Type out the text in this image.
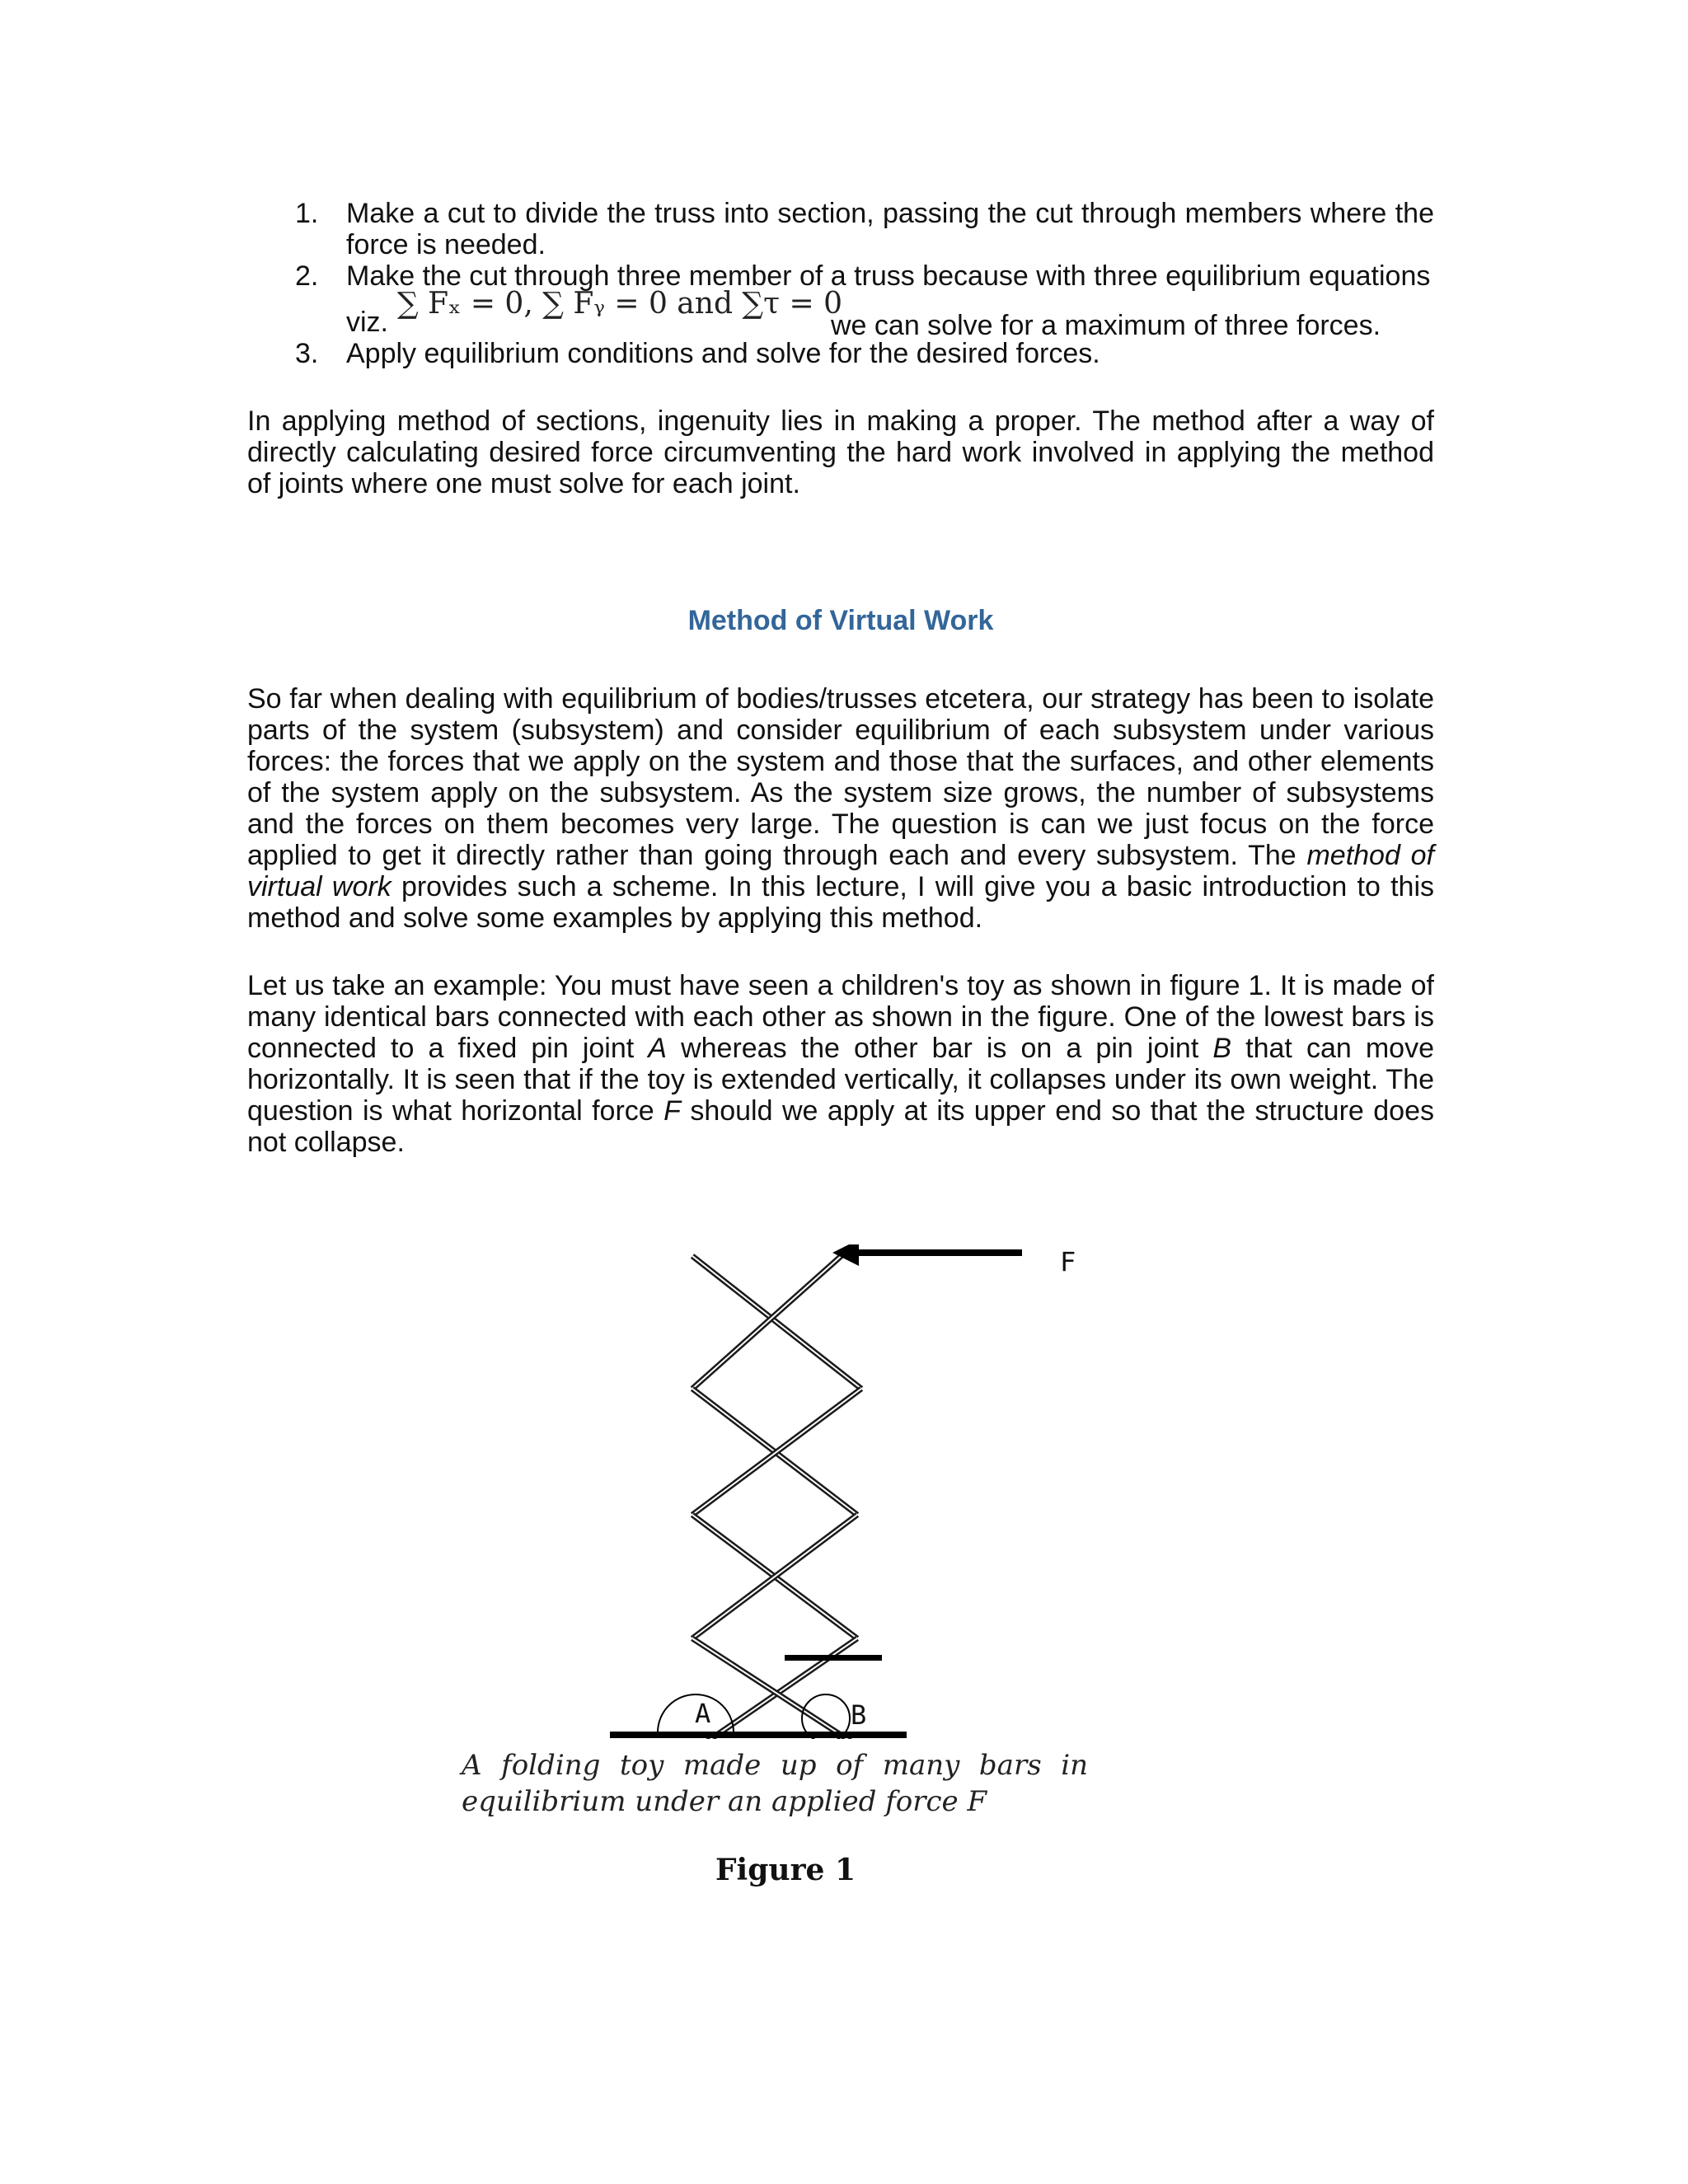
1. Make a cut to divide the truss into section, passing the cut through members where the force is needed.
2. Make the cut through three member of a truss because with three equilibrium equations
viz.
∑ Fₓ = 0, ∑ Fᵧ = 0 and ∑τ = 0
we can solve for a maximum of three forces.
3. Apply equilibrium conditions and solve for the desired forces.

In applying method of sections, ingenuity lies in making a proper. The method after a way of directly calculating desired force circumventing the hard work involved in applying the method of joints where one must solve for each joint.

Method of Virtual Work

So far when dealing with equilibrium of bodies/trusses etcetera, our strategy has been to isolate parts of the system (subsystem) and consider equilibrium of each subsystem under various forces: the forces that we apply on the system and those that the surfaces, and other elements of the system apply on the subsystem. As the system size grows, the number of subsystems and the forces on them becomes very large. The question is can we just focus on the force applied to get it directly rather than going through each and every subsystem. The method of virtual work provides such a scheme. In this lecture, I will give you a basic introduction to this method and solve some examples by applying this method.

Let us take an example: You must have seen a children's toy as shown in figure 1. It is made of many identical bars connected with each other as shown in the figure. One of the lowest bars is connected to a fixed pin joint A whereas the other bar is on a pin joint B that can move horizontally. It is seen that if the toy is extended vertically, it collapses under its own weight. The question is what horizontal force F should we apply at its upper end so that the structure does not collapse.

F
A	B
A folding toy made up of many bars in equilibrium under an applied force F
Figure 1
